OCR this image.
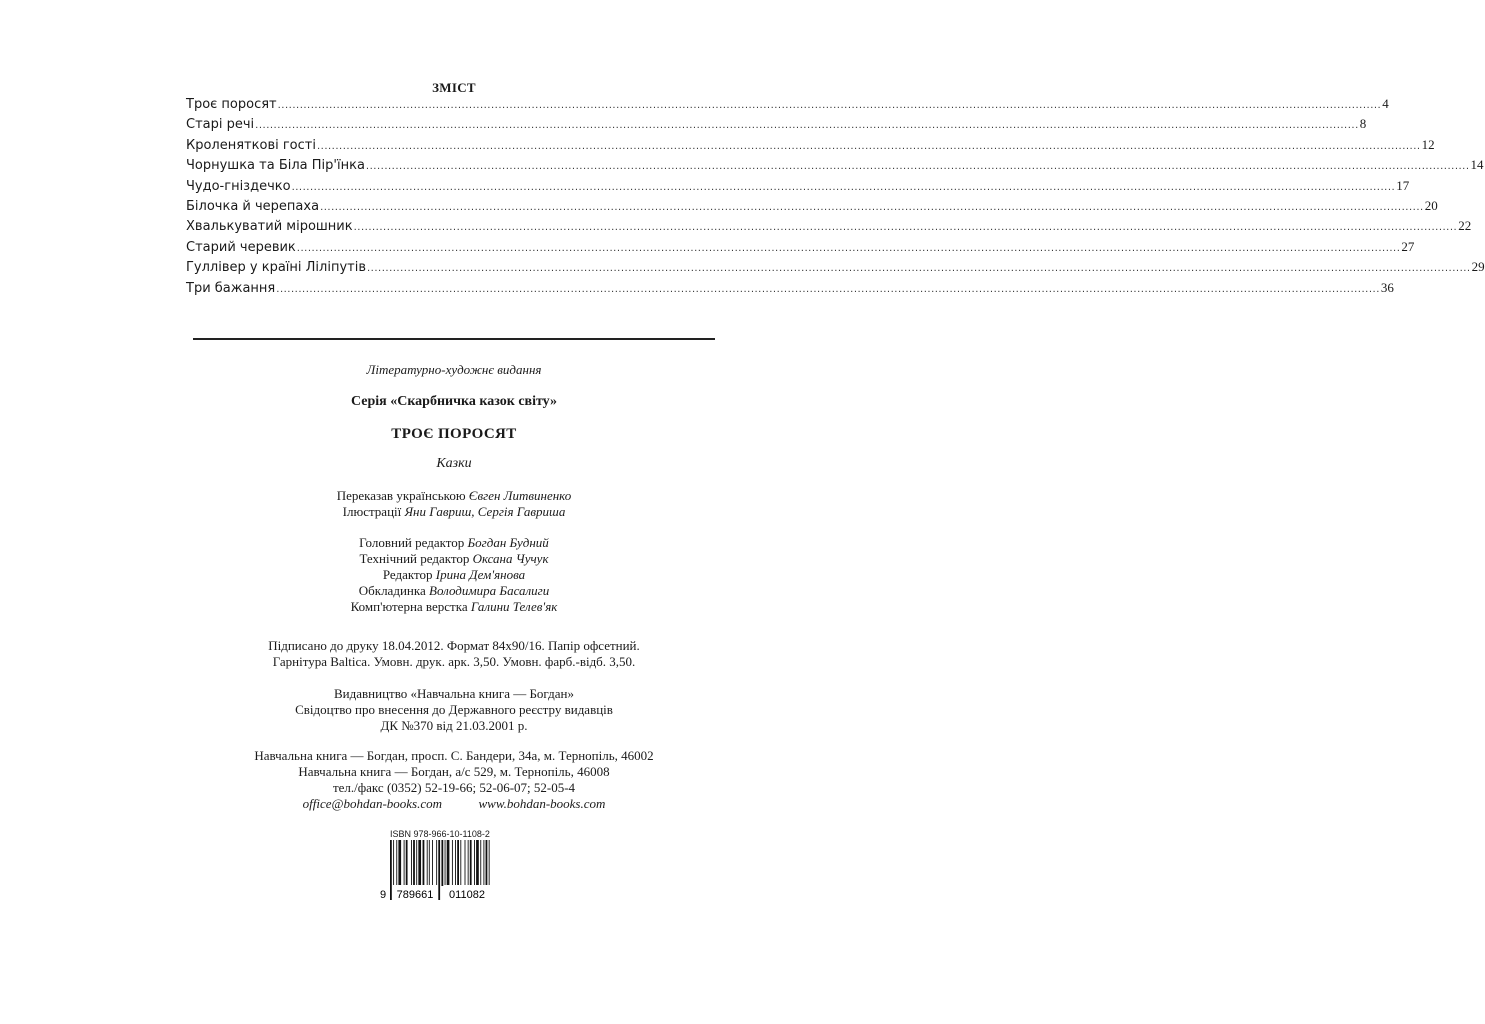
ЗМІСТ
Троє поросят ............................................................................................................................................................................................................................................................................................................ 4
Старі речі ............................................................................................................................................................................................................................................................................................................ 8
Кроленяткові гості ............................................................................................................................................................................................................................................................................................................ 12
Чорнушка та Біла Пір'їнка ............................................................................................................................................................................................................................................................................................................ 14
Чудо-гніздечко ............................................................................................................................................................................................................................................................................................................ 17
Білочка й черепаха ............................................................................................................................................................................................................................................................................................................ 20
Хвалькуватий мірошник ............................................................................................................................................................................................................................................................................................................ 22
Старий черевик ............................................................................................................................................................................................................................................................................................................ 27
Гуллівер у країні Ліліпутів ............................................................................................................................................................................................................................................................................................................ 29
Три бажання ............................................................................................................................................................................................................................................................................................................ 36
Літературно-художнє видання
Серія «Скарбничка казок світу»
ТРОЄ ПОРОСЯТ
Казки
Переказав українською Євген Литвиненко
Ілюстрації Яни Гавриш, Сергія Гавриша
Головний редактор Богдан Будний
Технічний редактор Оксана Чучук
Редактор Ірина Дем'янова
Обкладинка Володимира Басалиги
Комп'ютерна верстка Галини Телев'як
Підписано до друку 18.04.2012. Формат 84х90/16. Папір офсетний.
Гарнітура Baltica. Умовн. друк. арк. 3,50. Умовн. фарб.-відб. 3,50.
Видавництво «Навчальна книга — Богдан»
Свідоцтво про внесення до Державного реєстру видавців
ДК №370 від 21.03.2001 р.
Навчальна книга — Богдан, просп. С. Бандери, 34а, м. Тернопіль, 46002
Навчальна книга — Богдан, а/с 529, м. Тернопіль, 46008
тел./факс (0352) 52-19-66; 52-06-07; 52-05-4
office@bohdan-books.com	www.bohdan-books.com
ISBN 978-966-10-1108-2
9 789661 011082
